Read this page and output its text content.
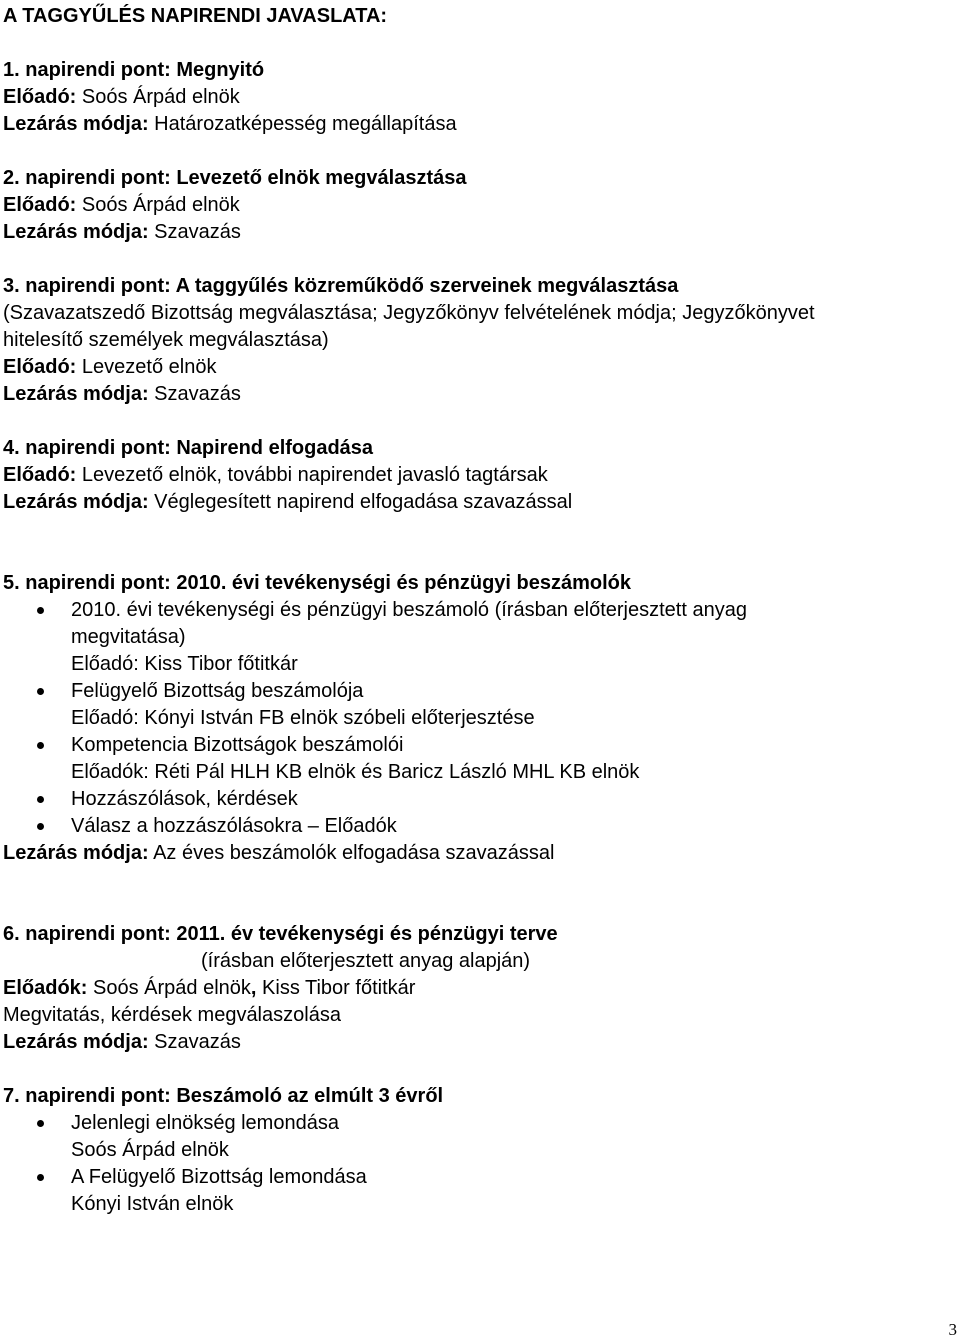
A TAGGYŰLÉS NAPIRENDI JAVASLATA:
1. napirendi pont: Megnyitó
Előadó: Soós Árpád elnök
Lezárás módja: Határozatképesség megállapítása
2. napirendi pont: Levezető elnök megválasztása
Előadó: Soós Árpád elnök
Lezárás módja: Szavazás
3. napirendi pont: A taggyűlés közreműködő szerveinek megválasztása
(Szavazatszedő Bizottság megválasztása; Jegyzőkönyv felvételének módja; Jegyzőkönyvet
hitelesítő személyek megválasztása)
Előadó: Levezető elnök
Lezárás módja: Szavazás
4. napirendi pont: Napirend elfogadása
Előadó: Levezető elnök, további napirendet javasló tagtársak
Lezárás módja: Véglegesített napirend elfogadása szavazással
5. napirendi pont: 2010. évi tevékenységi és pénzügyi beszámolók
2010. évi tevékenységi és pénzügyi beszámoló (írásban előterjesztett anyag
megvitatása)
Előadó: Kiss Tibor főtitkár
Felügyelő Bizottság beszámolója
Előadó: Kónyi István FB elnök szóbeli előterjesztése
Kompetencia Bizottságok beszámolói
Előadók: Réti Pál HLH KB elnök és Baricz László MHL KB elnök
Hozzászólások, kérdések
Válasz a hozzászólásokra – Előadók
Lezárás módja: Az éves beszámolók elfogadása szavazással
6. napirendi pont: 2011. év tevékenységi és pénzügyi terve
(írásban előterjesztett anyag alapján)
Előadók: Soós Árpád elnök, Kiss Tibor főtitkár
Megvitatás, kérdések megválaszolása
Lezárás módja: Szavazás
7. napirendi pont: Beszámoló az elmúlt 3 évről
Jelenlegi elnökség lemondása
Soós Árpád elnök
A Felügyelő Bizottság lemondása
Kónyi István elnök
3
